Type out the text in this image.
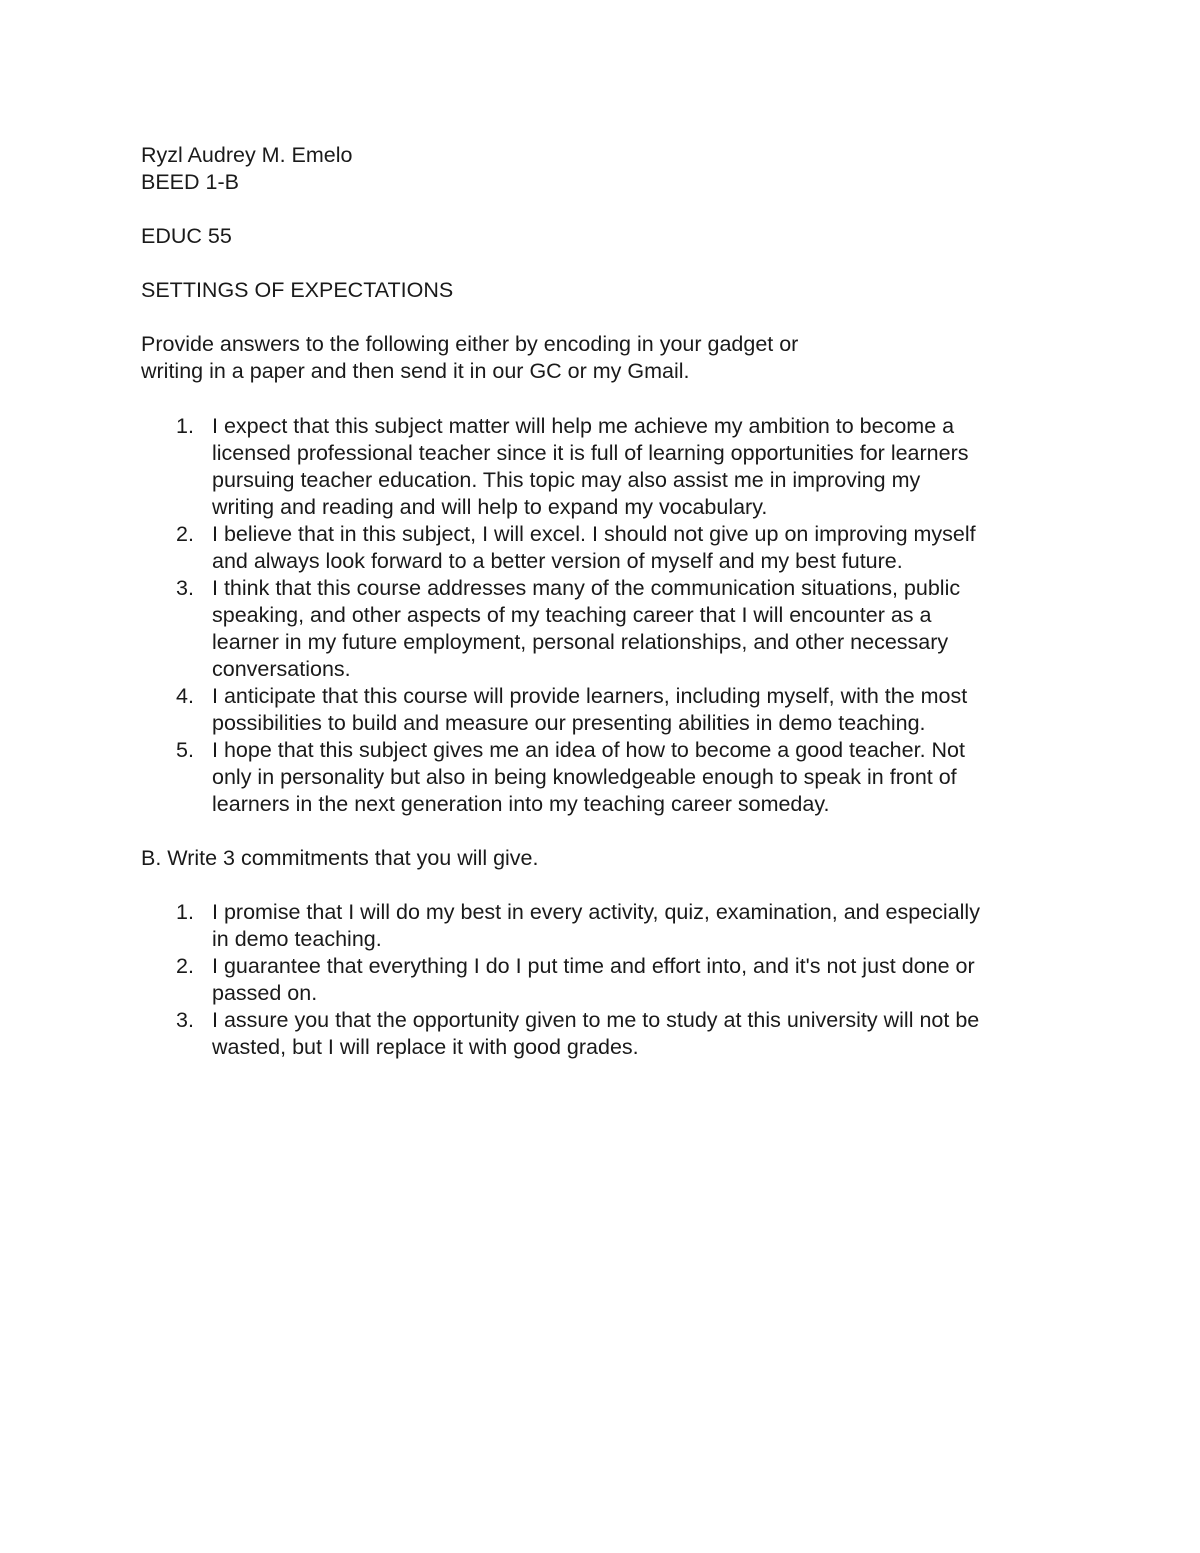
Ryzl Audrey M. Emelo
BEED 1-B
EDUC 55
SETTINGS OF EXPECTATIONS
Provide answers to the following either by encoding in your gadget or
writing in a paper and then send it in our GC or my Gmail.
1. I expect that this subject matter will help me achieve my ambition to become a
licensed professional teacher since it is full of learning opportunities for learners
pursuing teacher education. This topic may also assist me in improving my
writing and reading and will help to expand my vocabulary.
2. I believe that in this subject, I will excel. I should not give up on improving myself
and always look forward to a better version of myself and my best future.
3. I think that this course addresses many of the communication situations, public
speaking, and other aspects of my teaching career that I will encounter as a
learner in my future employment, personal relationships, and other necessary
conversations.
4. I anticipate that this course will provide learners, including myself, with the most
possibilities to build and measure our presenting abilities in demo teaching.
5. I hope that this subject gives me an idea of how to become a good teacher. Not
only in personality but also in being knowledgeable enough to speak in front of
learners in the next generation into my teaching career someday.
B. Write 3 commitments that you will give.
1. I promise that I will do my best in every activity, quiz, examination, and especially
in demo teaching.
2. I guarantee that everything I do I put time and effort into, and it's not just done or
passed on.
3. I assure you that the opportunity given to me to study at this university will not be
wasted, but I will replace it with good grades.
